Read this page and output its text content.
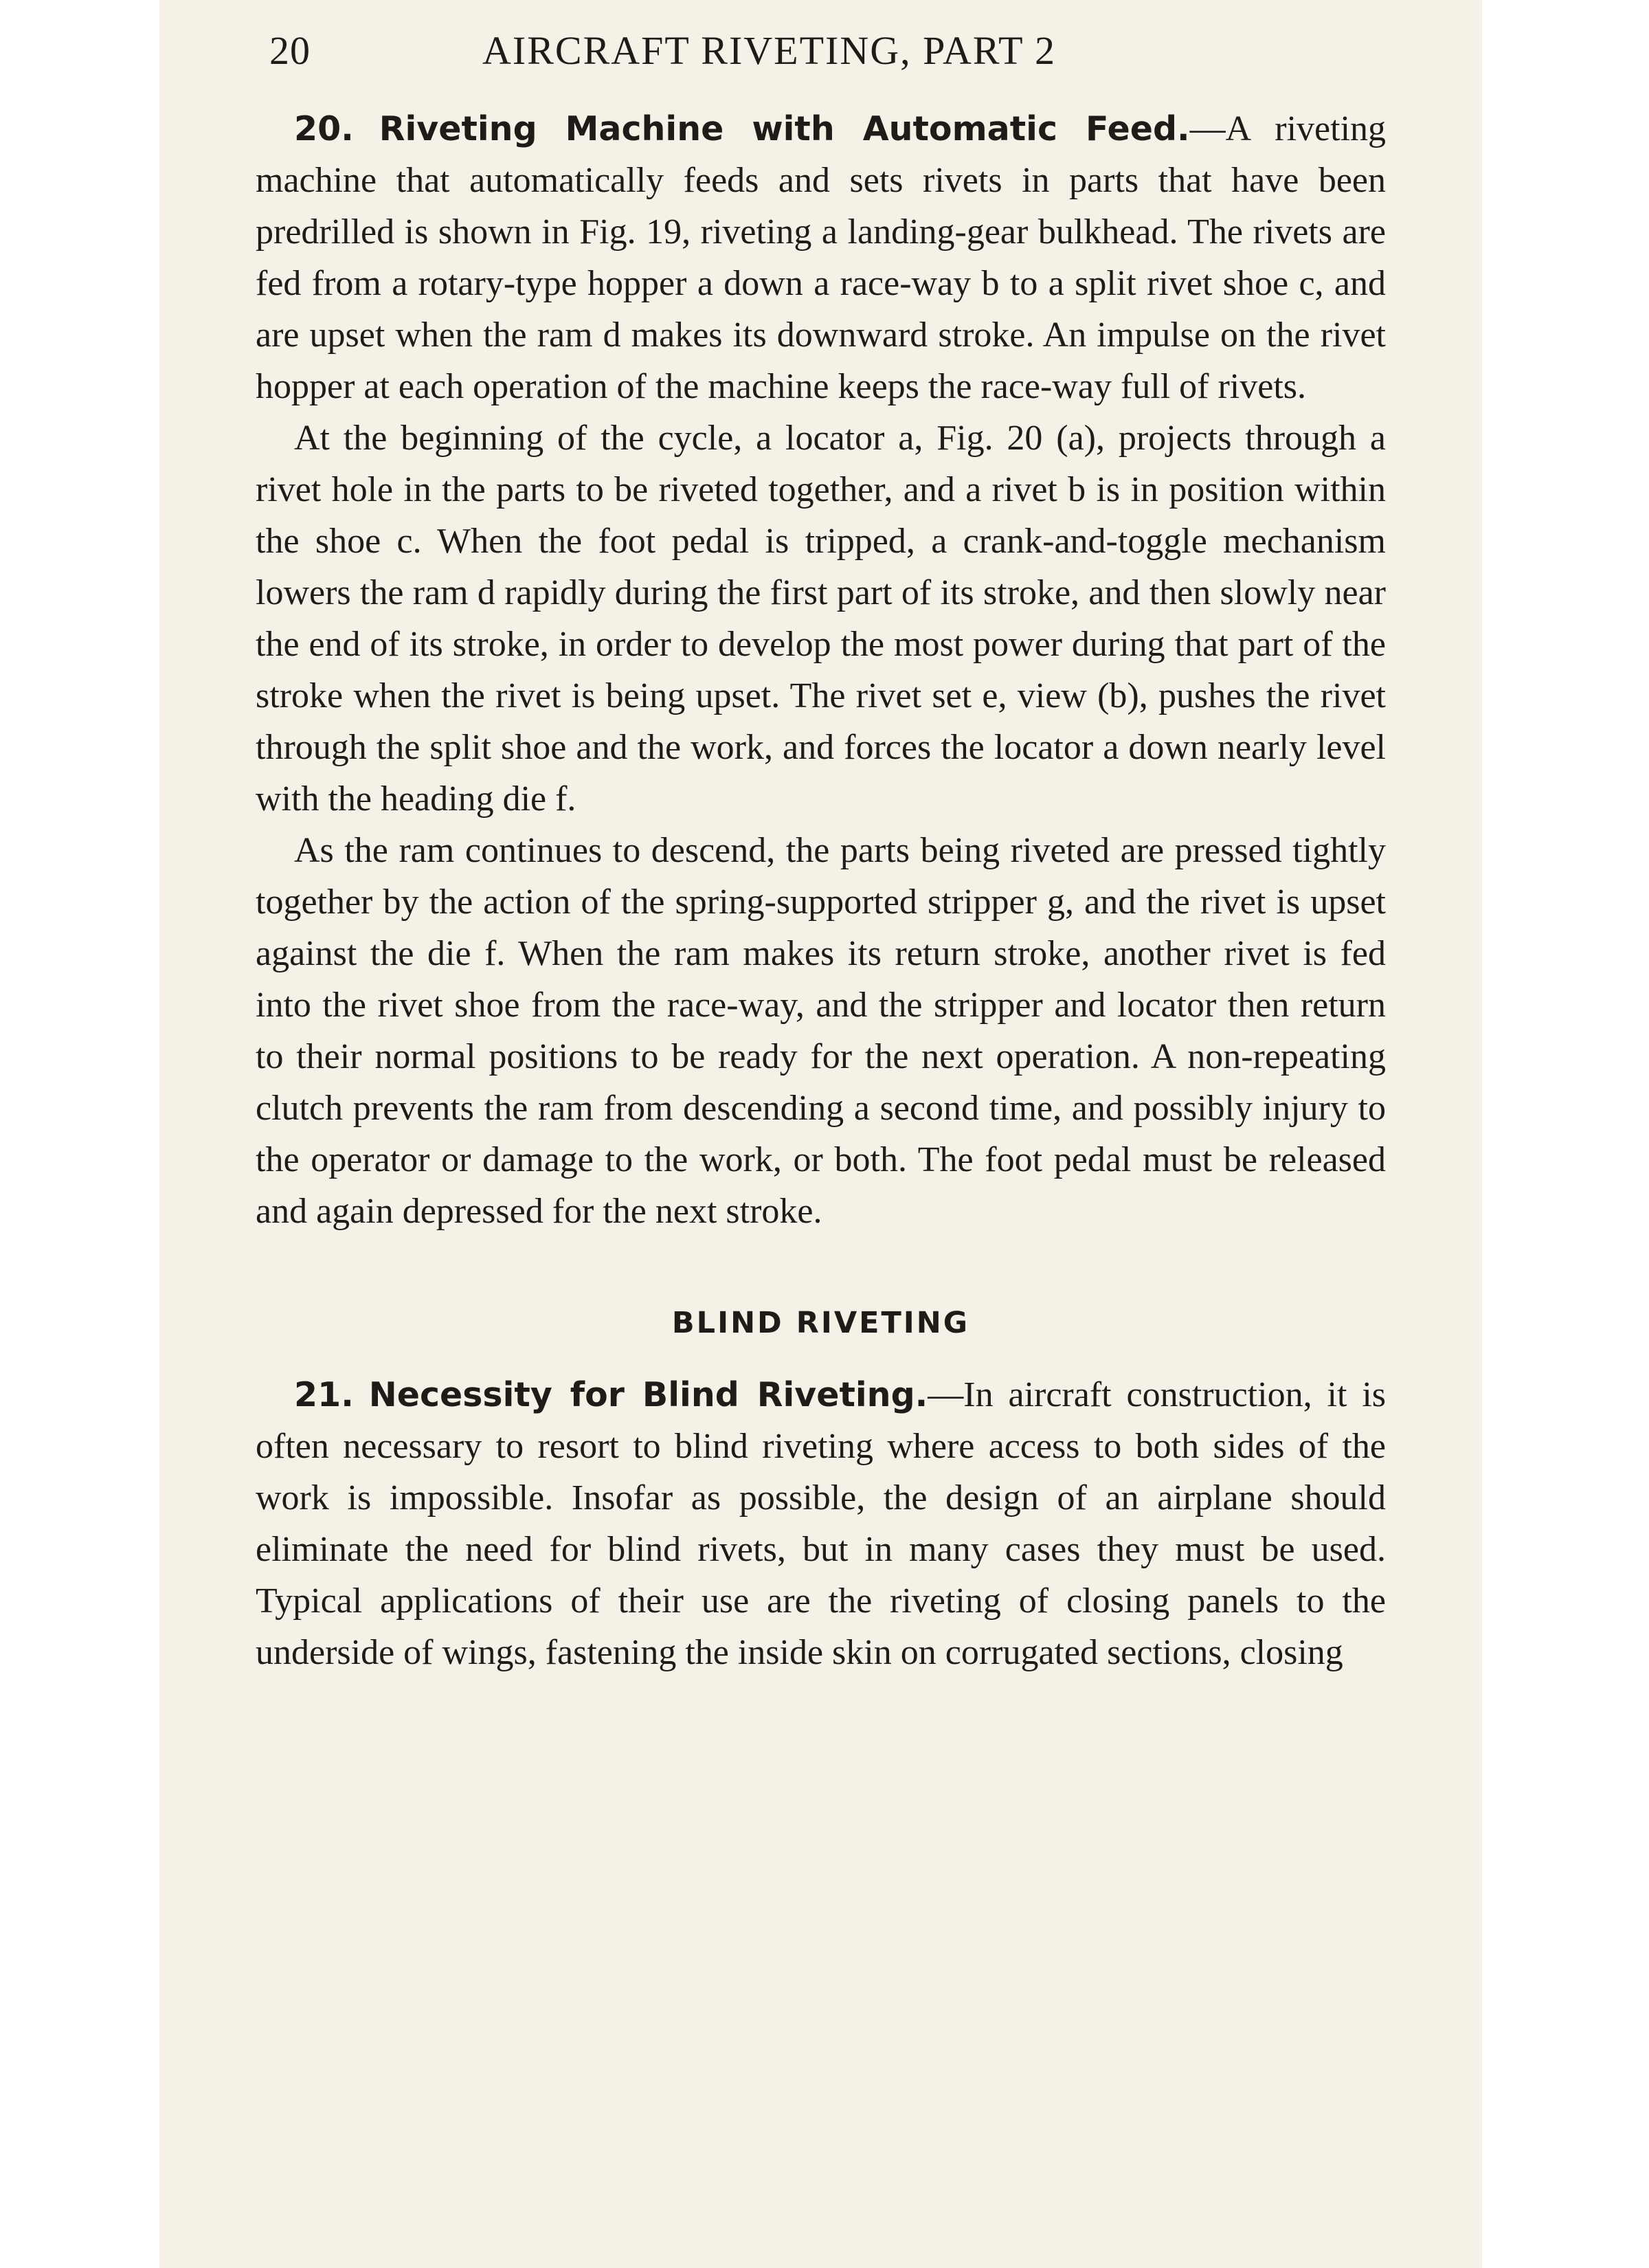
20	AIRCRAFT RIVETING, PART 2

20. Riveting Machine with Automatic Feed.—A riveting machine that automatically feeds and sets rivets in parts that have been predrilled is shown in Fig. 19, riveting a landing-gear bulkhead. The rivets are fed from a rotary-type hopper a down a race-way b to a split rivet shoe c, and are upset when the ram d makes its downward stroke. An impulse on the rivet hopper at each operation of the machine keeps the race-way full of rivets.

At the beginning of the cycle, a locator a, Fig. 20 (a), projects through a rivet hole in the parts to be riveted together, and a rivet b is in position within the shoe c. When the foot pedal is tripped, a crank-and-toggle mechanism lowers the ram d rapidly during the first part of its stroke, and then slowly near the end of its stroke, in order to develop the most power during that part of the stroke when the rivet is being upset. The rivet set e, view (b), pushes the rivet through the split shoe and the work, and forces the locator a down nearly level with the heading die f.

As the ram continues to descend, the parts being riveted are pressed tightly together by the action of the spring-supported stripper g, and the rivet is upset against the die f. When the ram makes its return stroke, another rivet is fed into the rivet shoe from the race-way, and the stripper and locator then return to their normal positions to be ready for the next operation. A non-repeating clutch prevents the ram from descending a second time, and possibly injury to the operator or damage to the work, or both. The foot pedal must be released and again depressed for the next stroke.

BLIND RIVETING

21. Necessity for Blind Riveting.—In aircraft construction, it is often necessary to resort to blind riveting where access to both sides of the work is impossible. Insofar as possible, the design of an airplane should eliminate the need for blind rivets, but in many cases they must be used. Typical applications of their use are the riveting of closing panels to the underside of wings, fastening the inside skin on corrugated sections, closing
